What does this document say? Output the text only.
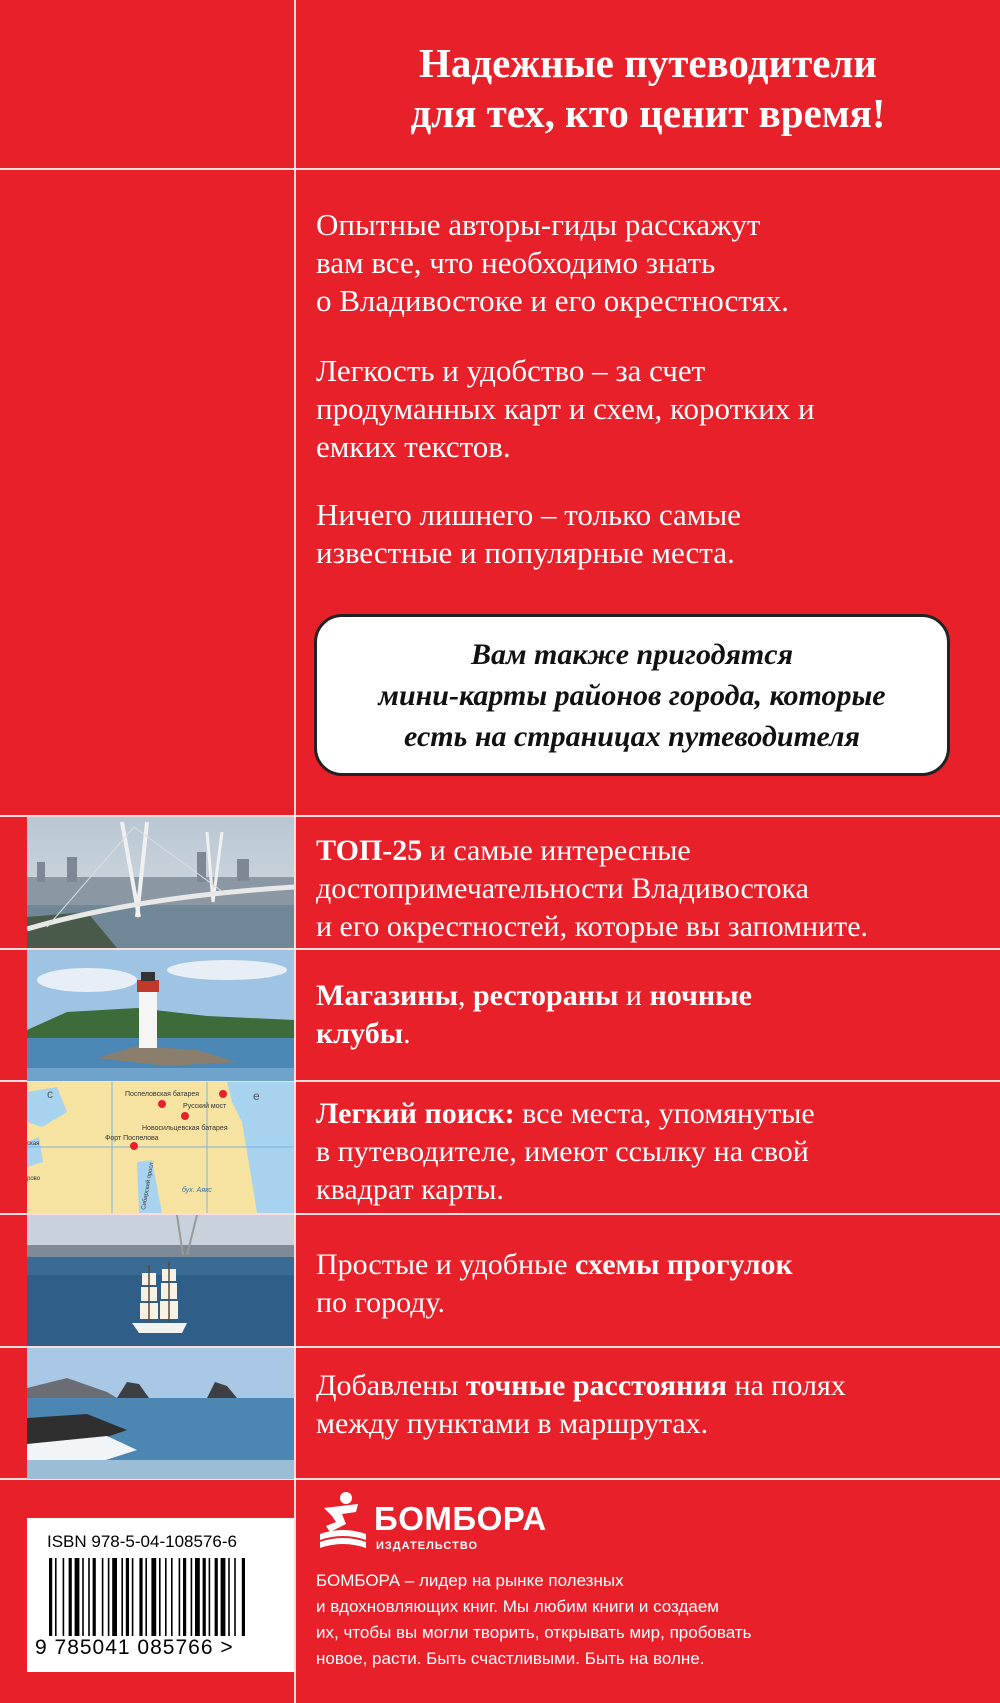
Надежные путеводители
для тех, кто ценит время!
Опытные авторы-гиды расскажут
вам все, что необходимо знать
о Владивостоке и его окрестностях.
Легкость и удобство – за счет
продуманных карт и схем, коротких и
емких текстов.
Ничего лишнего – только самые
известные и популярные места.
Вам также пригодятся
мини-карты районов города, которые
есть на страницах путеводителя
с	е
Поспеловская батарея
Русский мост
Новосильцевская батарея
Форт Поспелова
ская
рово
бух. Аякс
Сибирский просп.
ТОП-25 и самые интересные
достопримечательности Владивостока
и его окрестностей, которые вы запомните.
Магазины, рестораны и ночные
клубы.
Легкий поиск: все места, упомянутые
в путеводителе, имеют ссылку на свой
квадрат карты.
Простые и удобные схемы прогулок
по городу.
Добавлены точные расстояния на полях
между пунктами в маршрутах.
ISBN 978-5-04-108576-6
9 785041 085766 >
БОМБОРА
ИЗДАТЕЛЬСТВО
БОМБОРА – лидер на рынке полезных
и вдохновляющих книг. Мы любим книги и создаем
их, чтобы вы могли творить, открывать мир, пробовать
новое, расти. Быть счастливыми. Быть на волне.
